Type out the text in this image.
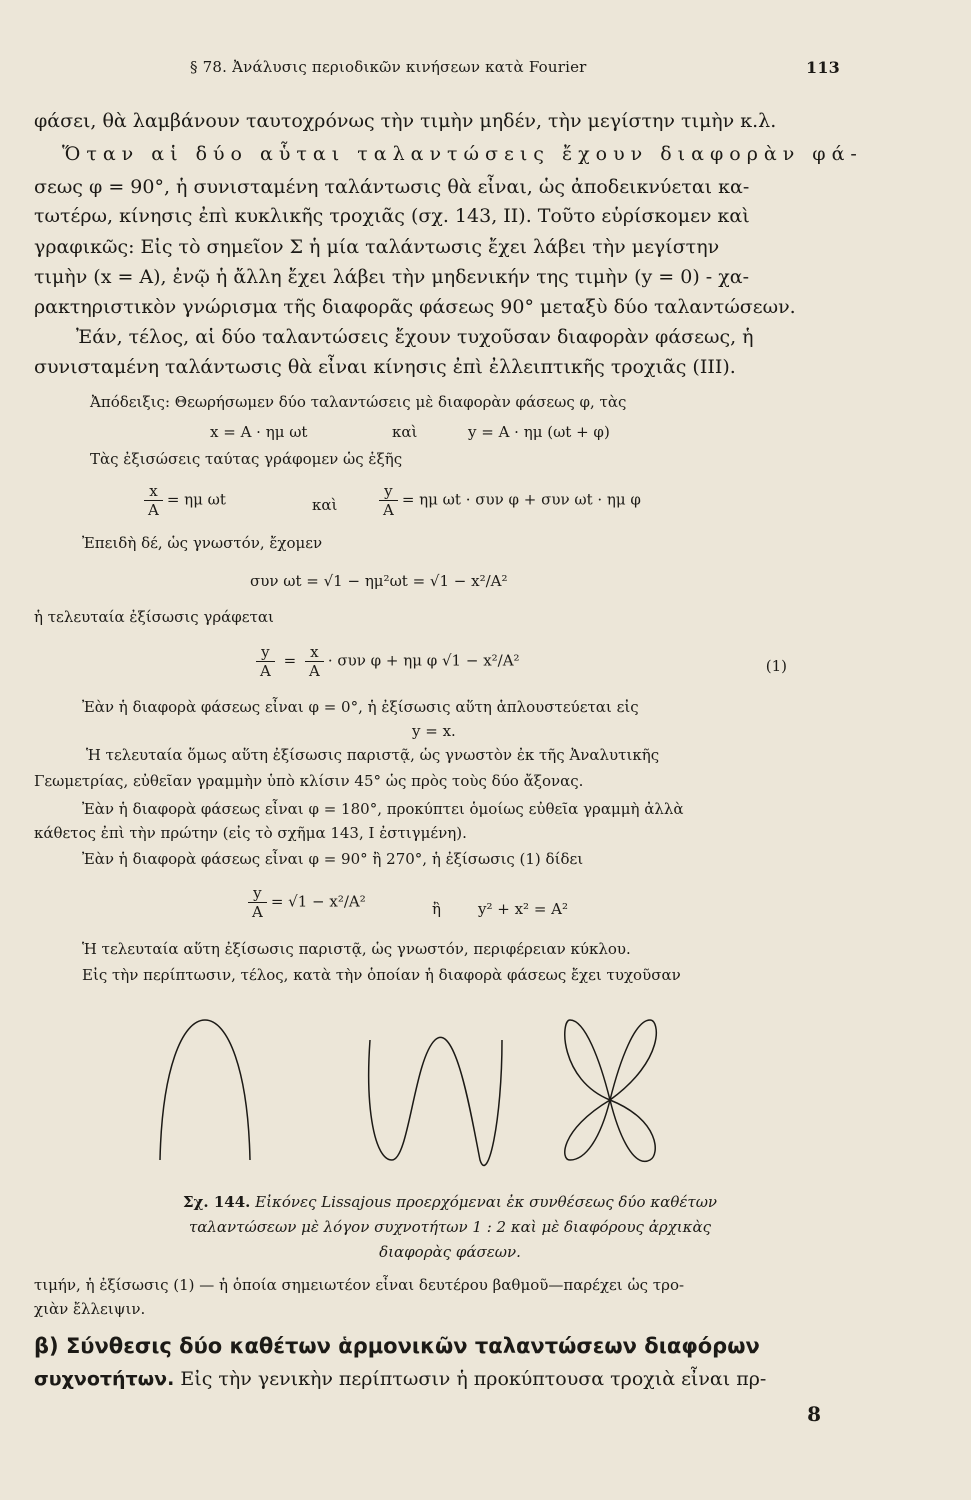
§ 78. Ἀνάλυσις περιοδικῶν κινήσεων κατὰ Fourier	113
φάσει, θὰ λαμβάνουν ταυτοχρόνως τὴν τιμὴν μηδέν, τὴν μεγίστην τιμὴν κ.λ.
Ὅταν αἱ δύο αὗται ταλαντώσεις ἔχουν διαφορὰν φά-
σεως φ = 90°, ἡ συνισταμένη ταλάντωσις θὰ εἶναι, ὡς ἀποδεικνύεται κα-
τωτέρω, κίνησις ἐπὶ κυκλικῆς τροχιᾶς (σχ. 143, II). Τοῦτο εὑρίσκομεν καὶ
γραφικῶς: Εἰς τὸ σημεῖον Σ ἡ μία ταλάντωσις ἔχει λάβει τὴν μεγίστην
τιμὴν (x = A), ἐνῷ ἡ ἄλλη ἔχει λάβει τὴν μηδενικήν της τιμὴν (y = 0) - χα-
ρακτηριστικὸν γνώρισμα τῆς διαφορᾶς φάσεως 90° μεταξὺ δύο ταλαντώσεων.
Ἐάν, τέλος, αἱ δύο ταλαντώσεις ἔχουν τυχοῦσαν διαφορὰν φάσεως, ἡ
συνισταμένη ταλάντωσις θὰ εἶναι κίνησις ἐπὶ ἐλλειπτικῆς τροχιᾶς (III).
Ἀπόδειξις: Θεωρήσωμεν δύο ταλαντώσεις μὲ διαφορὰν φάσεως φ, τὰς
x = A · ημ ωt	καὶ	y = A · ημ (ωt + φ)
Τὰς ἐξισώσεις ταύτας γράφομεν ὡς ἑξῆς
$\frac{x}{A} = \eta\mu$ ωt	καὶ	$\frac{y}{A} = \eta\mu$ ωt · συν φ + συν ωt · ημ φ
Ἐπειδὴ δέ, ὡς γνωστόν, ἔχομεν
συν ωt = √1 − ημ²ωt = √1 − x²/A²
ἡ τελευταία ἐξίσωσις γράφεται
$\frac{y}{A} = \frac{x}{A} \cdot \sigma\upsilon\nu$ φ + ημ φ √1 − x²/A²	(1)
Ἐὰν ἡ διαφορὰ φάσεως εἶναι φ = 0°, ἡ ἐξίσωσις αὕτη ἁπλουστεύεται εἰς
y = x.
Ἡ τελευταία ὅμως αὕτη ἐξίσωσις παριστᾷ, ὡς γνωστὸν ἐκ τῆς Ἀναλυτικῆς
Γεωμετρίας, εὐθεῖαν γραμμὴν ὑπὸ κλίσιν 45° ὡς πρὸς τοὺς δύο ἄξονας.
Ἐὰν ἡ διαφορὰ φάσεως εἶναι φ = 180°, προκύπτει ὁμοίως εὐθεῖα γραμμὴ ἀλλὰ
κάθετος ἐπὶ τὴν πρώτην (εἰς τὸ σχῆμα 143, I ἐστιγμένη).
Ἐὰν ἡ διαφορὰ φάσεως εἶναι φ = 90° ἢ 270°, ἡ ἐξίσωσις (1) δίδει
$\frac{y}{A} = √1 - x^2/A^2$	ἢ y² + x² = A²
Ἡ τελευταία αὕτη ἐξίσωσις παριστᾷ, ὡς γνωστόν, περιφέρειαν κύκλου.
Εἰς τὴν περίπτωσιν, τέλος, κατὰ τὴν ὁποίαν ἡ διαφορὰ φάσεως ἔχει τυχοῦσαν
Σχ. 144. Εἰκόνες Lissajous προερχόμεναι ἐκ συνθέσεως δύο καθέτων
ταλαντώσεων μὲ λόγον συχνοτήτων 1 : 2 καὶ μὲ διαφόρους ἀρχικὰς
διαφορὰς φάσεων.
τιμήν, ἡ ἐξίσωσις (1) — ἡ ὁποία σημειωτέον εἶναι δευτέρου βαθμοῦ—παρέχει ὡς τρο-
χιὰν ἔλλειψιν.
β) Σύνθεσις δύο καθέτων ἁρμονικῶν ταλαντώσεων διαφόρων
συχνοτήτων. Εἰς τὴν γενικὴν περίπτωσιν ἡ προκύπτουσα τροχιὰ εἶναι πρ-
8
